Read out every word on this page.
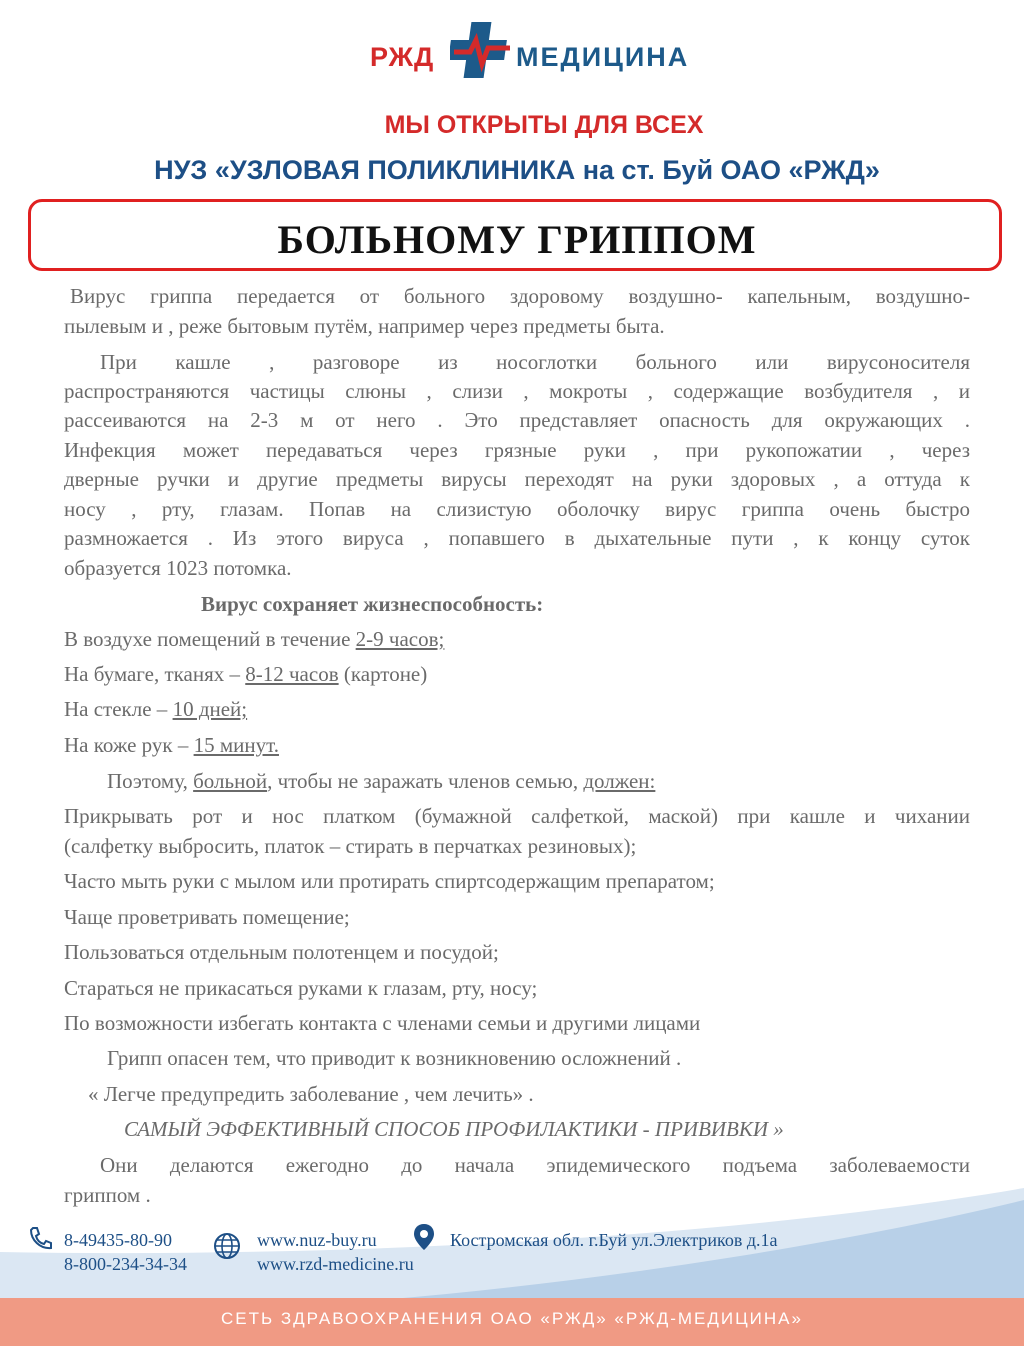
РЖД	МЕДИЦИНА
МЫ ОТКРЫТЫ ДЛЯ ВСЕХ
НУЗ «УЗЛОВАЯ ПОЛИКЛИНИКА на ст. Буй ОАО «РЖД»
БОЛЬНОМУ ГРИППОМ
Вирус гриппа передается от больного здоровому воздушно- капельным, воздушно-
пылевым и , реже бытовым путём, например через предметы быта.
При кашле , разговоре из носоглотки больного или вирусоносителя
распространяются частицы слюны , слизи , мокроты , содержащие возбудителя , и
рассеиваются на 2-3 м от него . Это представляет опасность для окружающих .
Инфекция может передаваться через грязные руки , при рукопожатии , через
дверные ручки и другие предметы вирусы переходят на руки здоровых , а оттуда к
носу , рту, глазам. Попав на слизистую оболочку вирус гриппа очень быстро
размножается . Из этого вируса , попавшего в дыхательные пути , к концу суток
образуется 1023 потомка.
Вирус сохраняет жизнеспособность:
В воздухе помещений в течение 2-9 часов;
На бумаге, тканях – 8-12 часов (картоне)
На стекле – 10 дней;
На коже рук – 15 минут.
Поэтому, больной, чтобы не заражать членов семью, должен:
Прикрывать рот и нос платком (бумажной салфеткой, маской) при кашле и чихании
(салфетку выбросить, платок – стирать в перчатках резиновых);
Часто мыть руки с мылом или протирать спиртсодержащим препаратом;
Чаще проветривать помещение;
Пользоваться отдельным полотенцем и посудой;
Стараться не прикасаться руками к глазам, рту, носу;
По возможности избегать контакта с членами семьи и другими лицами
Грипп опасен тем, что приводит к возникновению осложнений .
« Легче предупредить заболевание , чем лечить» .
САМЫЙ ЭФФЕКТИВНЫЙ СПОСОБ ПРОФИЛАКТИКИ - ПРИВИВКИ »
Они делаются ежегодно до начала эпидемического подъема заболеваемости
гриппом .
8-49435-80-90
8-800-234-34-34
www.nuz-buy.ru
www.rzd-medicine.ru
Костромская обл. г.Буй ул.Электриков д.1а
СЕТЬ ЗДРАВООХРАНЕНИЯ ОАО «РЖД» «РЖД-МЕДИЦИНА»
